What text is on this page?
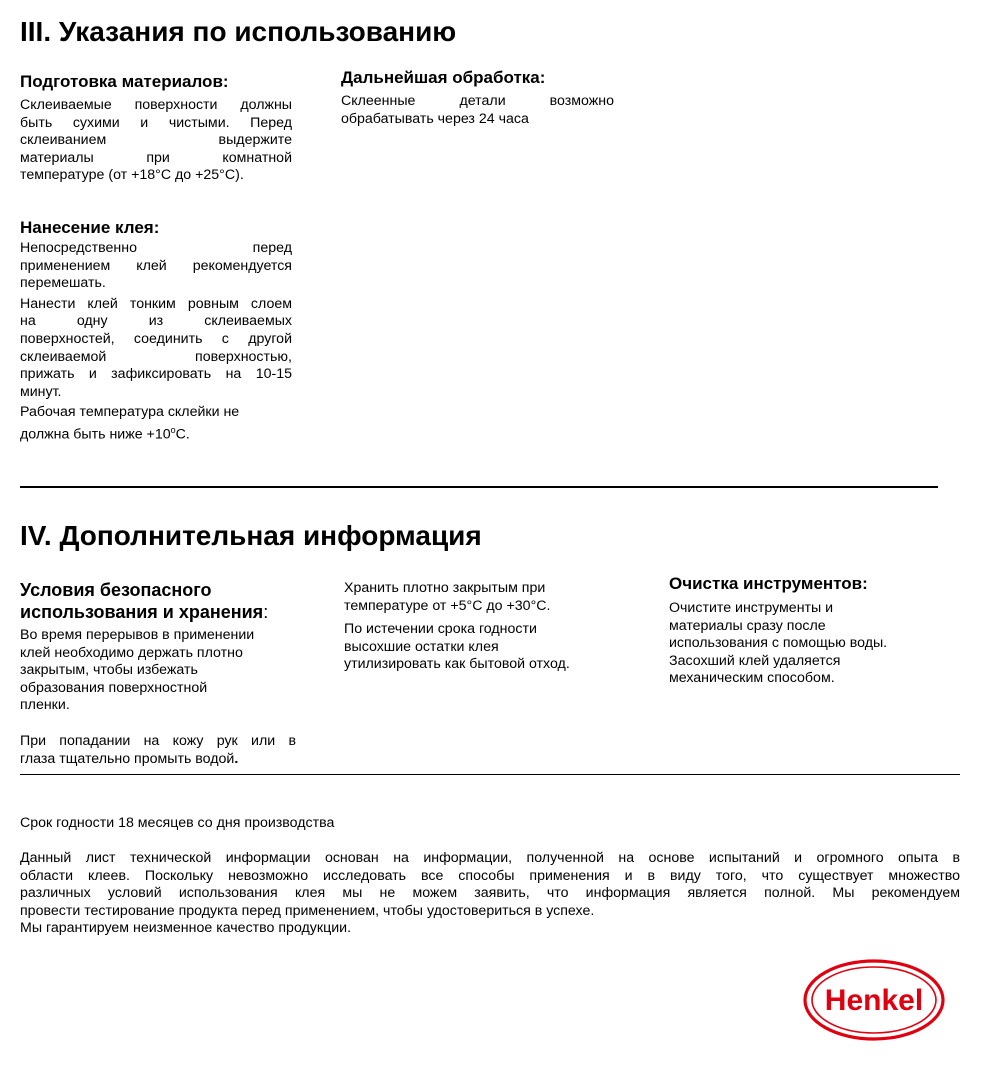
III. Указания по использованию
Подготовка материалов:
Склеиваемые поверхности должны
быть сухими и чистыми. Перед
склеиванием выдержите
материалы при комнатной
температуре (от +18°C до +25°C).
Нанесение клея:
Непосредственно перед
применением клей рекомендуется
перемешать.
Нанести клей тонким ровным слоем
на одну из склеиваемых
поверхностей, соединить с другой
склеиваемой поверхностью,
прижать и зафиксировать на 10-15
минут.
Рабочая температура склейки не
должна быть ниже $+10^oС$.
Дальнейшая обработка:
Склеенные детали возможно
обрабатывать через 24 часа
IV. Дополнительная информация
Условия безопасного
использования и хранения:
Во время перерывов в применении
клей необходимо держать плотно
закрытым, чтобы избежать
образования поверхностной
пленки.
При попадании на кожу рук или в
глаза тщательно промыть водой.
Хранить плотно закрытым при
температуре от +5°C до +30°C.
По истечении срока годности
высохшие остатки клея
утилизировать как бытовой отход.
Очистка инструментов:
Очистите инструменты и
материалы сразу после
использования с помощью воды.
Засохший клей удаляется
механическим способом.
Срок годности 18 месяцев со дня производства
Данный лист технической информации основан на информации, полученной на основе испытаний и огромного опыта в
области клеев. Поскольку невозможно исследовать все способы применения и в виду того, что существует множество
различных условий использования клея мы не можем заявить, что информация является полной. Мы рекомендуем
провести тестирование продукта перед применением, чтобы удостовериться в успехе.
Мы гарантируем неизменное качество продукции.
Henkel
